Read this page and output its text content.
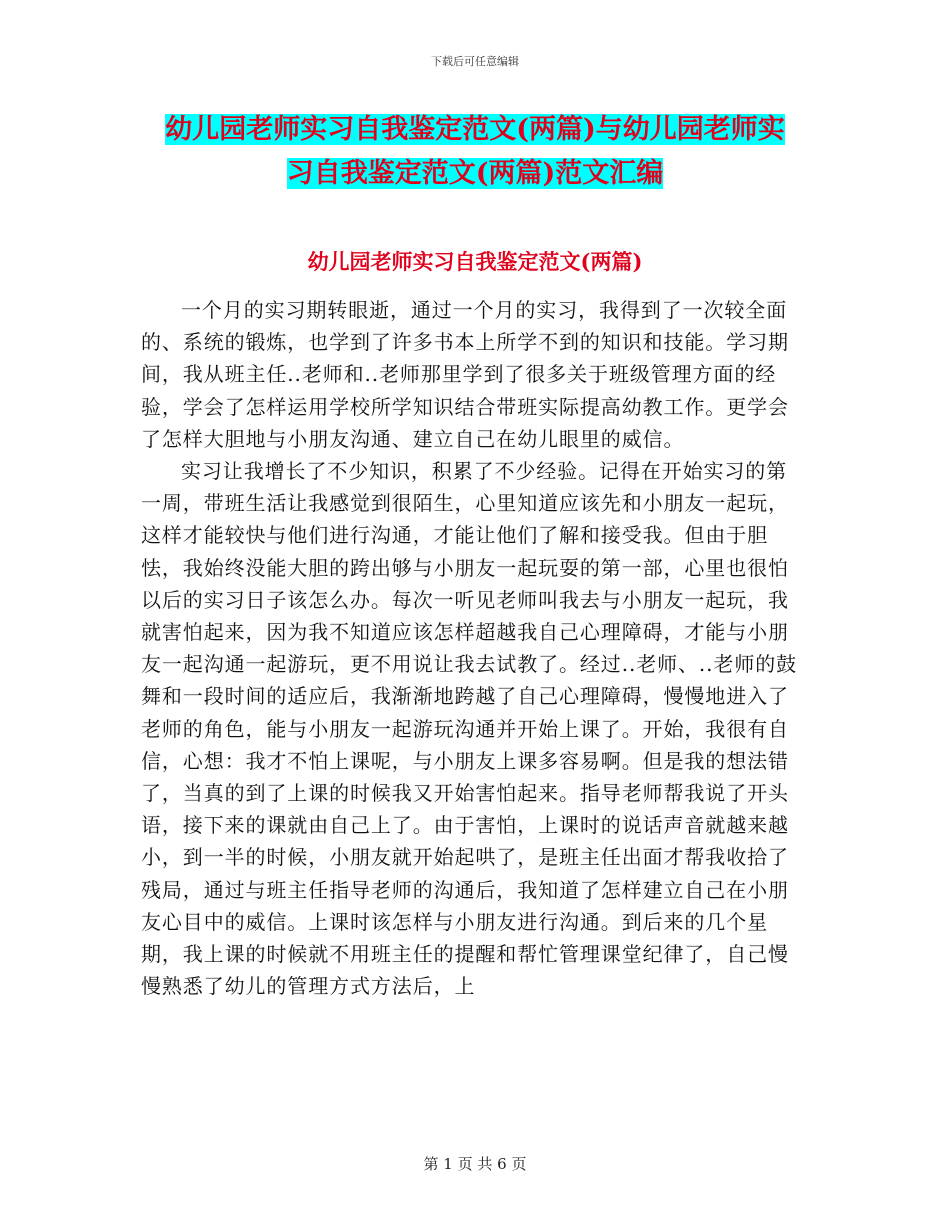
下载后可任意编辑
幼儿园老师实习自我鉴定范文(两篇)与幼儿园老师实
习自我鉴定范文(两篇)范文汇编
幼儿园老师实习自我鉴定范文(两篇)

一个月的实习期转眼逝，通过一个月的实习，我得到了一次较全面的、系统的锻炼，也学到了许多书本上所学不到的知识和技能。学习期间，我从班主任..老师和..老师那里学到了很多关于班级管理方面的经验，学会了怎样运用学校所学知识结合带班实际提高幼教工作。更学会了怎样大胆地与小朋友沟通、建立自己在幼儿眼里的威信。

实习让我增长了不少知识，积累了不少经验。记得在开始实习的第一周，带班生活让我感觉到很陌生，心里知道应该先和小朋友一起玩，这样才能较快与他们进行沟通，才能让他们了解和接受我。但由于胆怯，我始终没能大胆的跨出够与小朋友一起玩耍的第一部，心里也很怕以后的实习日子该怎么办。每次一听见老师叫我去与小朋友一起玩，我就害怕起来，因为我不知道应该怎样超越我自己心理障碍，才能与小朋友一起沟通一起游玩，更不用说让我去试教了。经过..老师、..老师的鼓舞和一段时间的适应后，我渐渐地跨越了自己心理障碍，慢慢地进入了老师的角色，能与小朋友一起游玩沟通并开始上课了。开始，我很有自信，心想：我才不怕上课呢，与小朋友上课多容易啊。但是我的想法错了，当真的到了上课的时候我又开始害怕起来。指导老师帮我说了开头语，接下来的课就由自己上了。由于害怕，上课时的说话声音就越来越小，到一半的时候，小朋友就开始起哄了，是班主任出面才帮我收拾了残局，通过与班主任指导老师的沟通后，我知道了怎样建立自己在小朋友心目中的威信。上课时该怎样与小朋友进行沟通。到后来的几个星期，我上课的时候就不用班主任的提醒和帮忙管理课堂纪律了，自己慢慢熟悉了幼儿的管理方式方法后，上

第 1 页 共 6 页
